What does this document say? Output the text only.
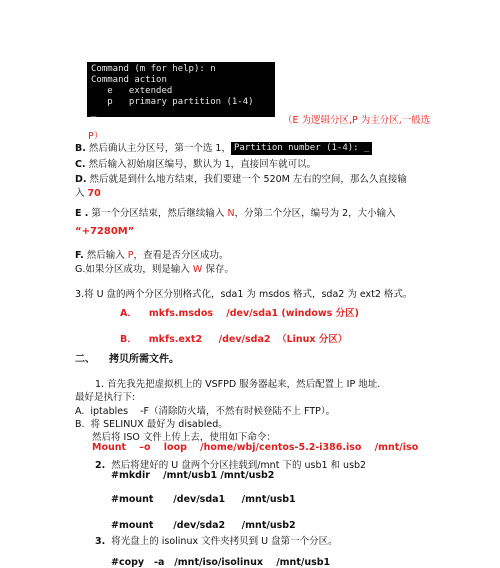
Command (m for help): n
Command action
e   extended
p   primary partition (1-4)
_
（E 为逻辑分区,P 为主分区,一般选
P）
B. 然后确认主分区号，第一个选 1， Partition number (1-4): _
C. 然后输入初始扇区编号，默认为 1，直接回车就可以。
D. 然后就是到什么地方结束，我们要建一个 520M 左右的空间，那么久直接输
入 70
E . 第一个分区结束，然后继续输入 N，分第二个分区，编号为 2，大小输入
“+7280M”
F. 然后输入 P，查看是否分区成功。
G.如果分区成功，则是输入 W 保存。
3.将 U 盘的两个分区分别格式化，sda1 为 msdos 格式，sda2 为 ext2 格式。
A． mkfs.msdos    /dev/sda1 (windows 分区)
B． mkfs.ext2     /dev/sda2  （Linux 分区）
二、 拷贝所需文件。
1. 首先我先把虚拟机上的 VSFPD 服务器起来，然后配置上 IP 地址.
最好是执行下:
A. iptables    -F（清除防火墙，不然有时候登陆不上 FTP）。
B. 将 SELINUX 最好为 disabled。
然后将 ISO 文件上传上去，使用如下命令：
Mount    –o    loop    /home/wbj/centos-5.2-i386.iso    /mnt/iso
2. 然后将建好的 U 盘两个分区挂载到/mnt 下的 usb1 和 usb2
#mkdir    /mnt/usb1 /mnt/usb2
#mount      /dev/sda1     /mnt/usb1
#mount      /dev/sda2     /mnt/usb2
3. 将光盘上的 isolinux 文件夹拷贝到 U 盘第一个分区。
#copy   -a   /mnt/iso/isolinux    /mnt/usb1
